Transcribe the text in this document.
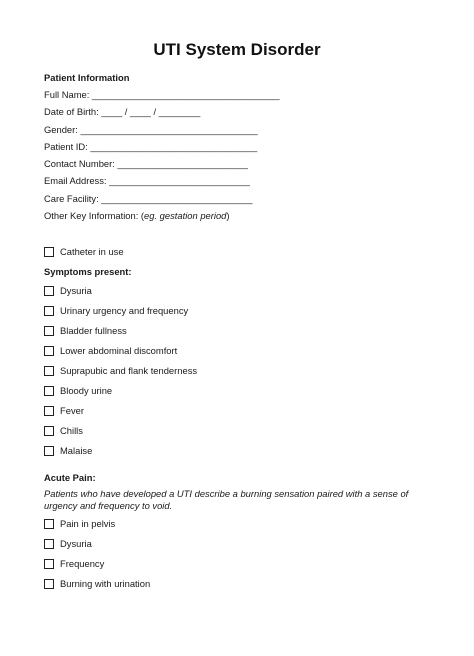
UTI System Disorder
Patient Information
Full Name: ____________________________________
Date of Birth: ____ / ____ / ________
Gender: __________________________________
Patient ID: ________________________________
Contact Number: _________________________
Email Address: ___________________________
Care Facility: _____________________________
Other Key Information: (eg. gestation period)
Catheter in use
Symptoms present:
Dysuria
Urinary urgency and frequency
Bladder fullness
Lower abdominal discomfort
Suprapubic and flank tenderness
Bloody urine
Fever
Chills
Malaise
Acute Pain:
Patients who have developed a UTI describe a burning sensation paired with a sense of urgency and frequency to void.
Pain in pelvis
Dysuria
Frequency
Burning with urination
